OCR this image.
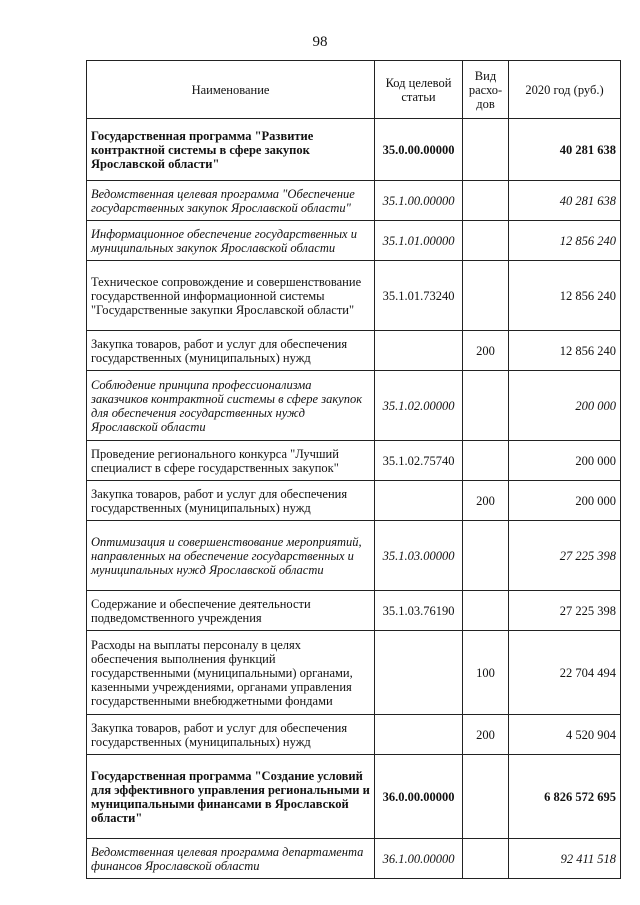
98
Наименование	Код целевой статьи	Вид расхо-дов	2020 год (руб.)
Государственная программа "Развитие контрактной системы в сфере закупок Ярославской области"	35.0.00.00000		40 281 638
Ведомственная целевая программа "Обеспечение государственных закупок Ярославской области"	35.1.00.00000		40 281 638
Информационное обеспечение государственных и муниципальных закупок Ярославской области	35.1.01.00000		12 856 240
Техническое сопровождение и совершенствование государственной информационной системы "Государственные закупки Ярославской области"	35.1.01.73240		12 856 240
Закупка товаров, работ и услуг для обеспечения государственных (муниципальных) нужд		200	12 856 240
Соблюдение принципа профессионализма заказчиков контрактной системы в сфере закупок для обеспечения государственных нужд Ярославской области	35.1.02.00000		200 000
Проведение регионального конкурса "Лучший специалист в сфере государственных закупок"	35.1.02.75740		200 000
Закупка товаров, работ и услуг для обеспечения государственных (муниципальных) нужд		200	200 000
Оптимизация и совершенствование мероприятий, направленных на обеспечение государственных и муниципальных нужд Ярославской области	35.1.03.00000		27 225 398
Содержание и обеспечение деятельности подведомственного учреждения	35.1.03.76190		27 225 398
Расходы на выплаты персоналу в целях обеспечения выполнения функций государственными (муниципальными) органами, казенными учреждениями, органами управления государственными внебюджетными фондами		100	22 704 494
Закупка товаров, работ и услуг для обеспечения государственных (муниципальных) нужд		200	4 520 904
Государственная программа "Создание условий для эффективного управления региональными и муниципальными финансами в Ярославской области"	36.0.00.00000		6 826 572 695
Ведомственная целевая программа департамента финансов Ярославской области	36.1.00.00000		92 411 518
